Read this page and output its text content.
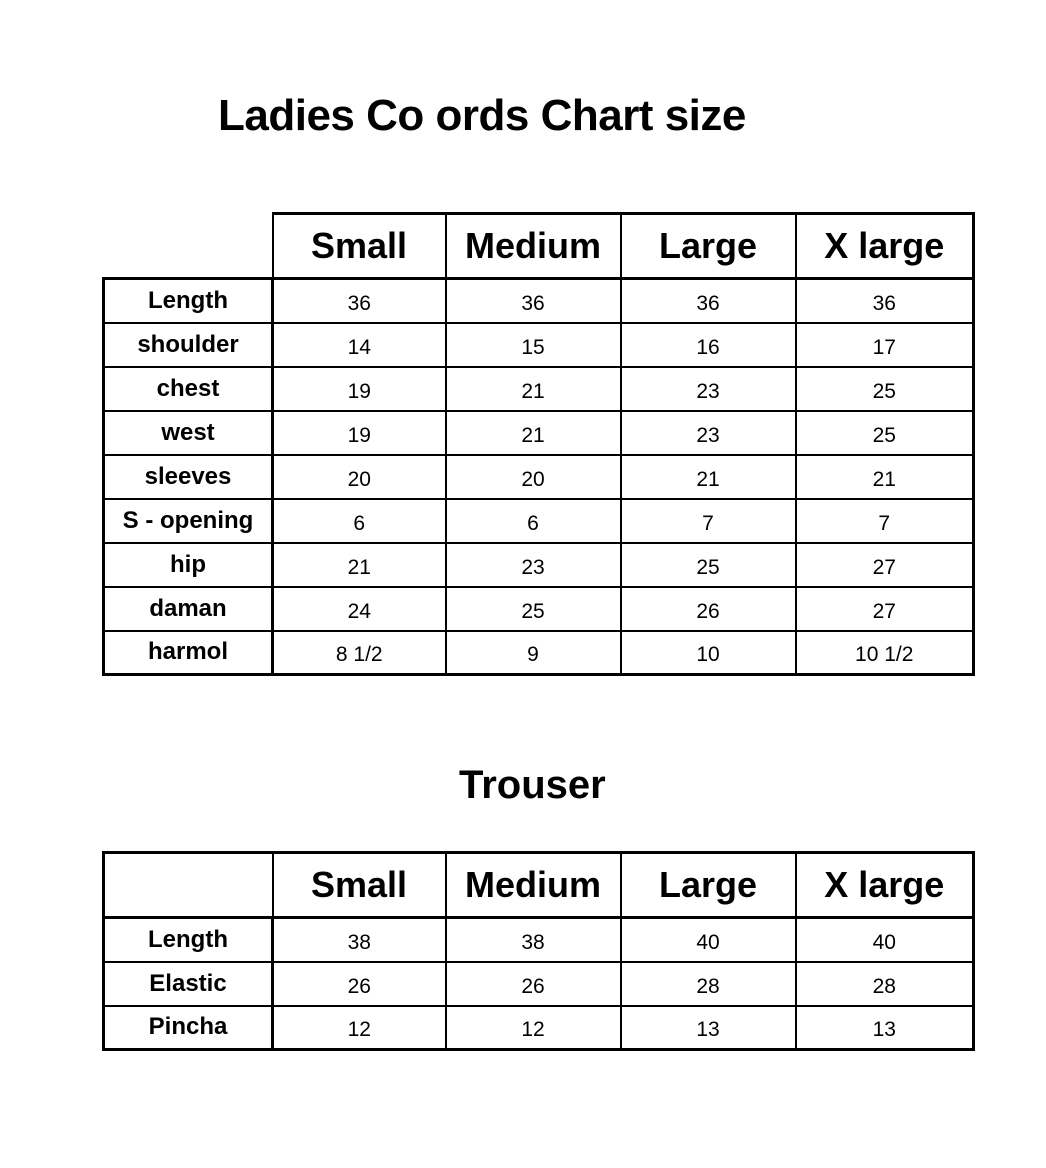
Ladies Co ords Chart size
	Small	Medium	Large	X large
Length	36	36	36	36
shoulder	14	15	16	17
chest	19	21	23	25
west	19	21	23	25
sleeves	20	20	21	21
S - opening	6	6	7	7
hip	21	23	25	27
daman	24	25	26	27
harmol	8 1/2	9	10	10 1/2
Trouser
	Small	Medium	Large	X large
Length	38	38	40	40
Elastic	26	26	28	28
Pincha	12	12	13	13
